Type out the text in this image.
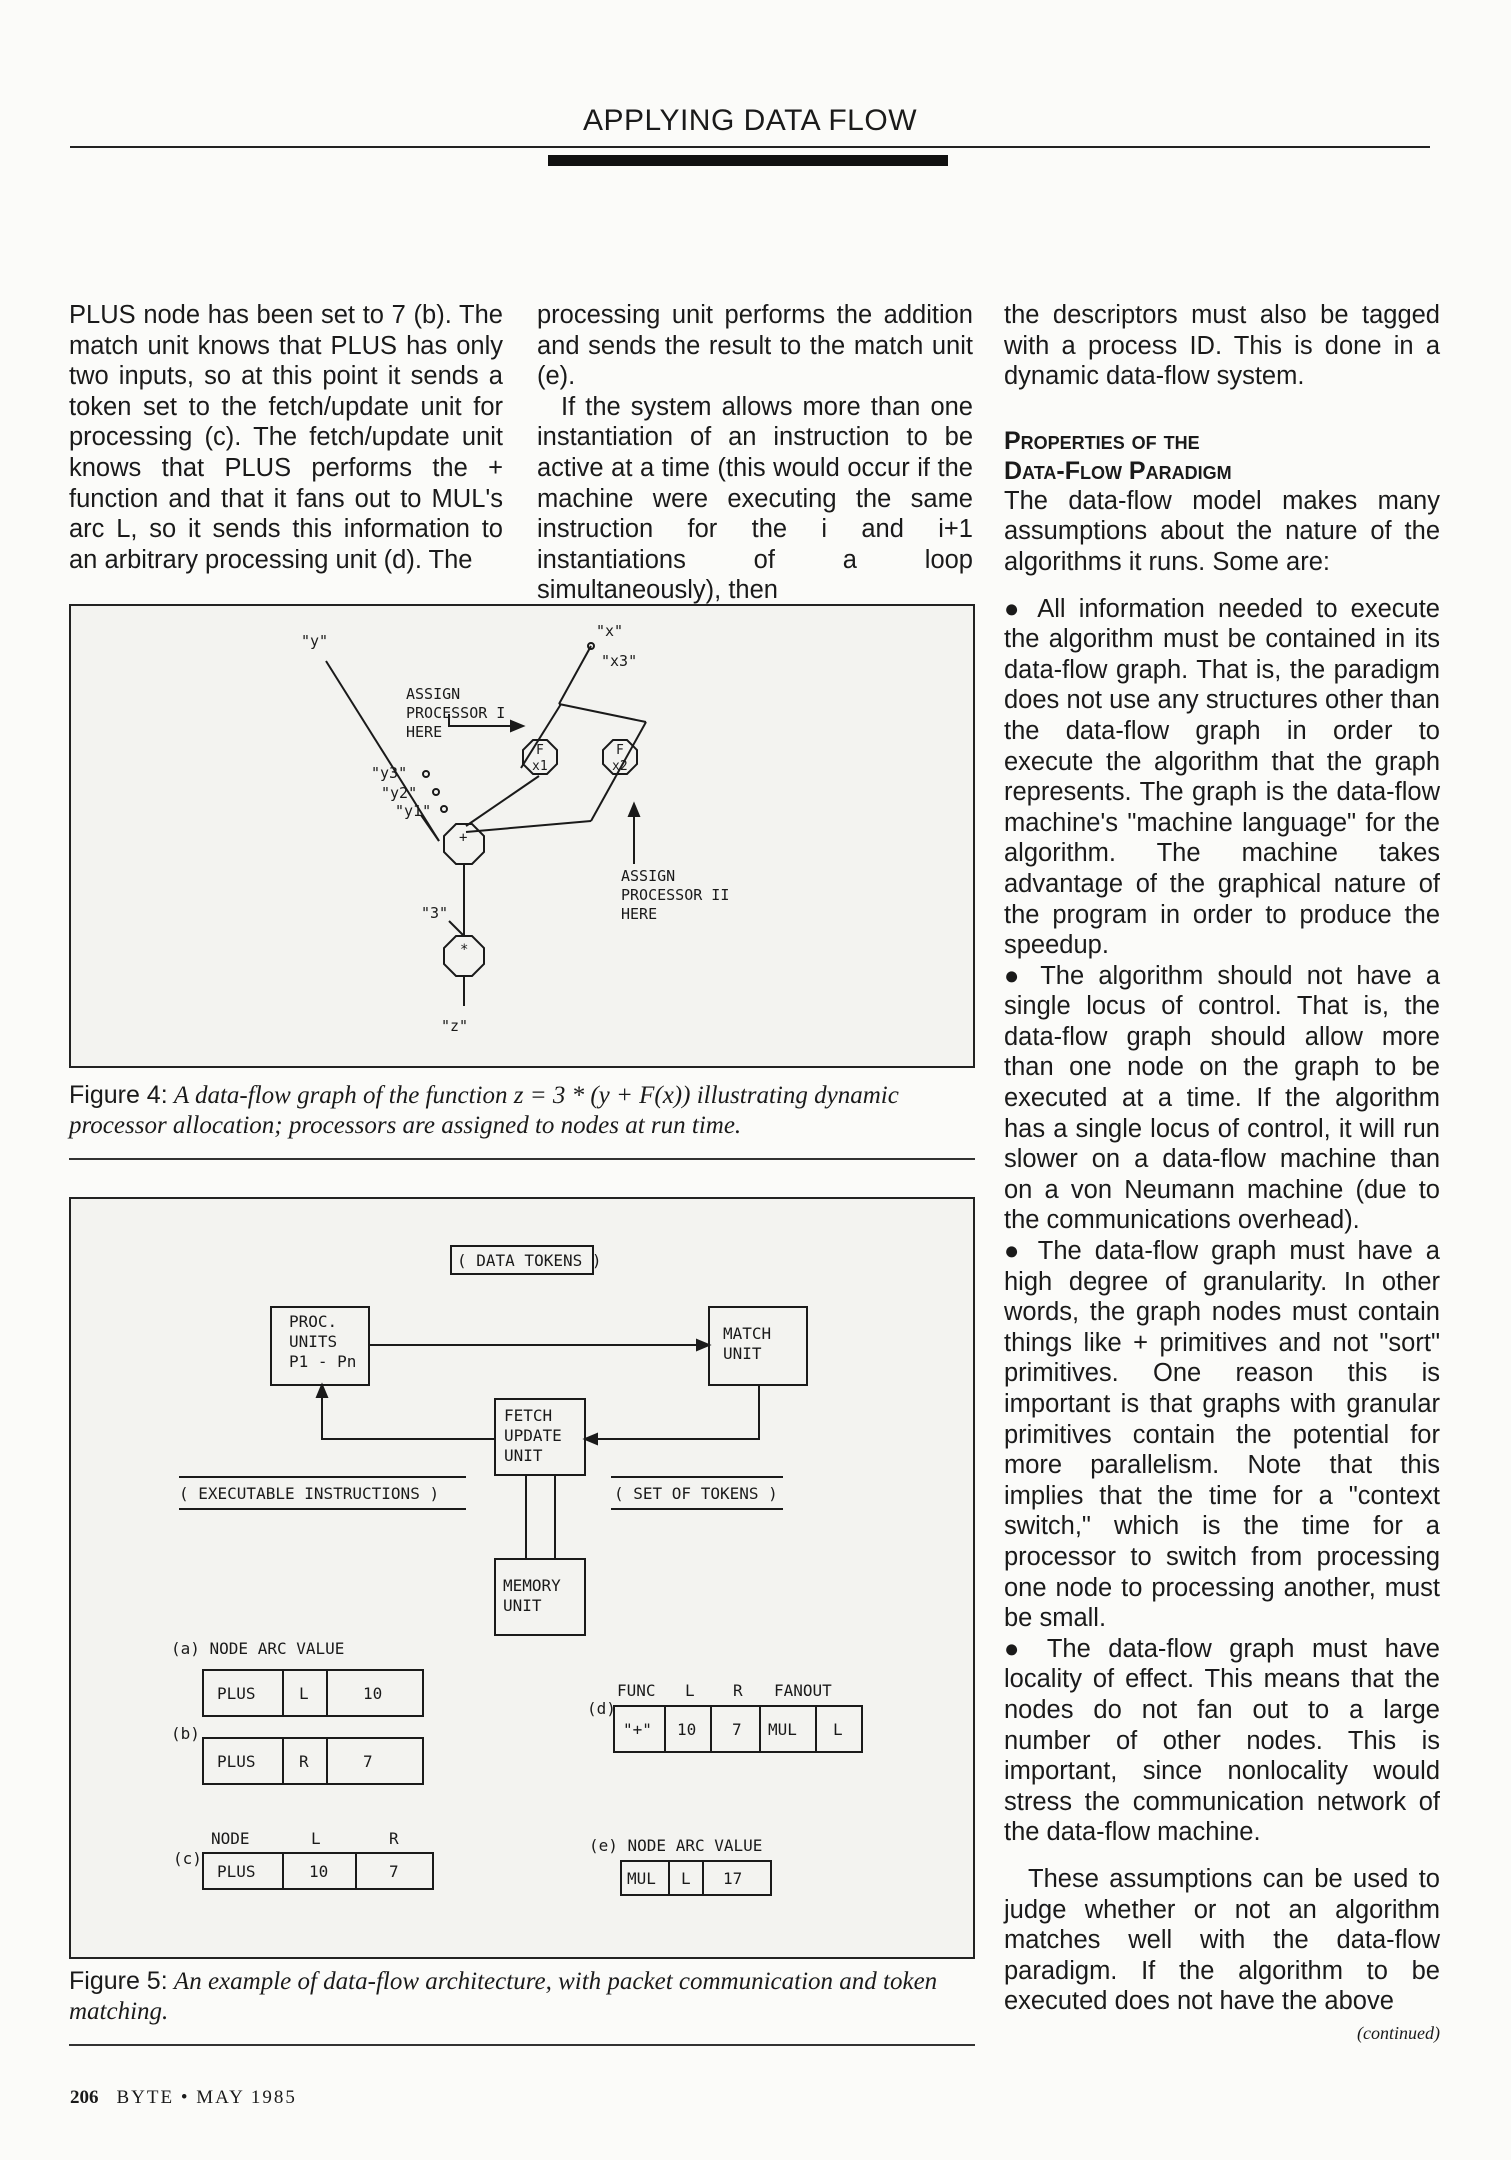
APPLYING DATA FLOW

PLUS node has been set to 7 (b). The match unit knows that PLUS has only two inputs, so at this point it sends a token set to the fetch/update unit for processing (c). The fetch/update unit knows that PLUS performs the + function and that it fans out to MUL's arc L, so it sends this information to an arbitrary processing unit (d). The

processing unit performs the addition and sends the result to the match unit (e).

If the system allows more than one instantiation of an instruction to be active at a time (this would occur if the machine were executing the same instruction for the i and i+1 instantiations of a loop simultaneously), then

the descriptors must also be tagged with a process ID. This is done in a dynamic data-flow system.

Properties of the
Data-Flow Paradigm

The data-flow model makes many assumptions about the nature of the algorithms it runs. Some are:

● All information needed to execute the algorithm must be contained in its data-flow graph. That is, the paradigm does not use any structures other than the data-flow graph in order to execute the algorithm that the graph represents. The graph is the data-flow machine's "machine language" for the algorithm. The machine takes advantage of the graphical nature of the program in order to produce the speedup.

● The algorithm should not have a single locus of control. That is, the data-flow graph should allow more than one node on the graph to be executed at a time. If the algorithm has a single locus of control, it will run slower on a data-flow machine than on a von Neumann machine (due to the communications overhead).

● The data-flow graph must have a high degree of granularity. In other words, the graph nodes must contain things like + primitives and not "sort" primitives. One reason this is important is that graphs with granular primitives contain the potential for more parallelism. Note that this implies that the time for a "context switch," which is the time for a processor to switch from processing one node to processing another, must be small.

● The data-flow graph must have locality of effect. This means that the nodes do not fan out to a large number of other nodes. This is important, since nonlocality would stress the communication network of the data-flow machine.

These assumptions can be used to judge whether or not an algorithm matches well with the data-flow paradigm. If the algorithm to be executed does not have the above

(continued)
"y"
"x"
"x3"
ASSIGN
PROCESSOR I
HERE
F
x1
F
x2
"y3"
"y2"
"y1"
+
"3"
*
"z"
ASSIGN
PROCESSOR II
HERE
Figure 4: A data-flow graph of the function z = 3 * (y + F(x)) illustrating dynamic processor allocation; processors are assigned to nodes at run time.
( DATA TOKENS )
PROC.
UNITS
P1 - Pn
MATCH
UNIT
FETCH
UPDATE
UNIT
( EXECUTABLE INSTRUCTIONS )	( SET OF TOKENS )
MEMORY
UNIT
(a) NODE ARC VALUE
(b)
PLUS	L	10
PLUS	R	7
(c)
NODE	L	R
PLUS	10	7
(d)
FUNC L R FANOUT
"+" 10 7 MUL L
(e) NODE ARC VALUE
MUL L 17
Figure 5: An example of data-flow architecture, with packet communication and token matching.
206 BYTE • MAY 1985
